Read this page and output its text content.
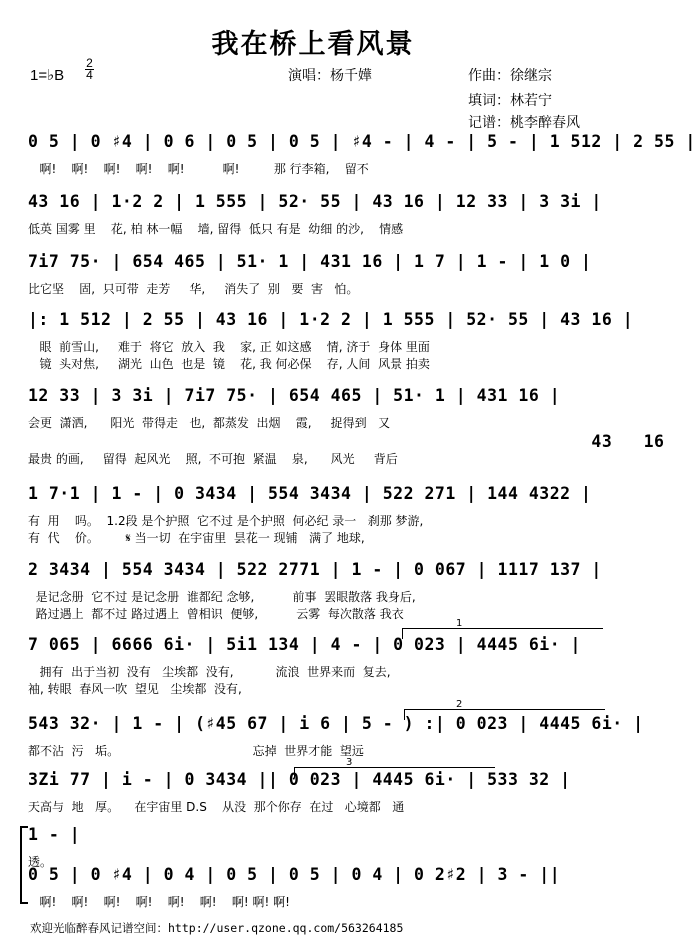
我在桥上看风景
1=♭B
2
4	演唱：杨千嬅	作曲：徐继宗
填词：林若宁
记谱：桃李醉春风
0 5 | 0 ♯4 | 0 6 | 0 5 | 0 5 | ♯4 - | 4 - | 5 - | 1 512 | 2 55 |
啊!    啊!    啊!    啊!    啊!          啊!         那 行李箱,    留不
43 16 | 1·2 2 | 1 555 | 52· 55 | 43 16 | 12 33 | 3 3i |
低英 国雾 里    花, 柏 林一幅    墙, 留得  低只 有是  幼细 的沙,    情感
7i7 75· | 654 465 | 51· 1 | 431 16 | 1 7 | 1 - | 1 0 |
比它坚    固,  只可带  走芳     华,     消失了  别   要  害   怕。
|: 1 512 | 2 55 | 43 16 | 1·2 2 | 1 555 | 52· 55 | 43 16 |
眼  前雪山,     难于  将它  放入  我    家, 正 如这感    情, 济于  身体 里面
镜  头对焦,     湖光  山色  也是  镜    花, 我 何必保    存, 人间  风景 拍卖
12 33 | 3 3i | 7i7 75· | 654 465 | 51· 1 | 431 16 |
会更  潇洒,      阳光  带得走   也,  都蒸发  出烟    霞,     捉得到   又
43   16
最贵 的画,     留得  起风光    照,  不可抱  紧温    泉,      风光     背后
1 7·1 | 1 - | 0 3434 | 554 3434 | 522 271 | 144 4322 |
有  用    吗。  1.2段 是个护照  它不过 是个护照  何必纪 录一   刹那 梦游,
有  代    价。       𝄋 当一切  在宇宙里  昙花一 现铺   满了 地球,
2 3434 | 554 3434 | 522 2771 | 1 - | 0 067 | 1117 137 |
是记念册  它不过 是记念册  谁都纪 念够,          前事  罢眼散落 我身后,
路过遇上  都不过 路过遇上  曾相识  便够,          云雾  每次散落 我衣
7 065 | 6666 6i· | 5i1 134 | 4 - | 0 023 | 4445 6i· |
拥有  出于当初  没有   尘埃都  没有,           流浪  世界来而  复去,
袖, 转眼  春风一吹  望见   尘埃都  没有,
543 32· | 1 - | (♯45 67 | i 6 | 5 - ) :| 0 023 | 4445 6i· |
都不沾  污   垢。                                   忘掉  世界才能  望远
3Zi 77 | i - | 0 3434 || 0 023 | 4445 6i· | 533 32 |
天高与  地   厚。    在宇宙里 D.S    从没  那个你存  在过   心境都   通
1 - |
透。
0 5 | 0 ♯4 | 0 4 | 0 5 | 0 5 | 0 4 | 0 2♯2 | 3 - ||
啊!    啊!    啊!    啊!    啊!    啊!    啊! 啊! 啊!
1
2
3
欢迎光临醉春风记谱空间：http://user.qzone.qq.com/563264185
